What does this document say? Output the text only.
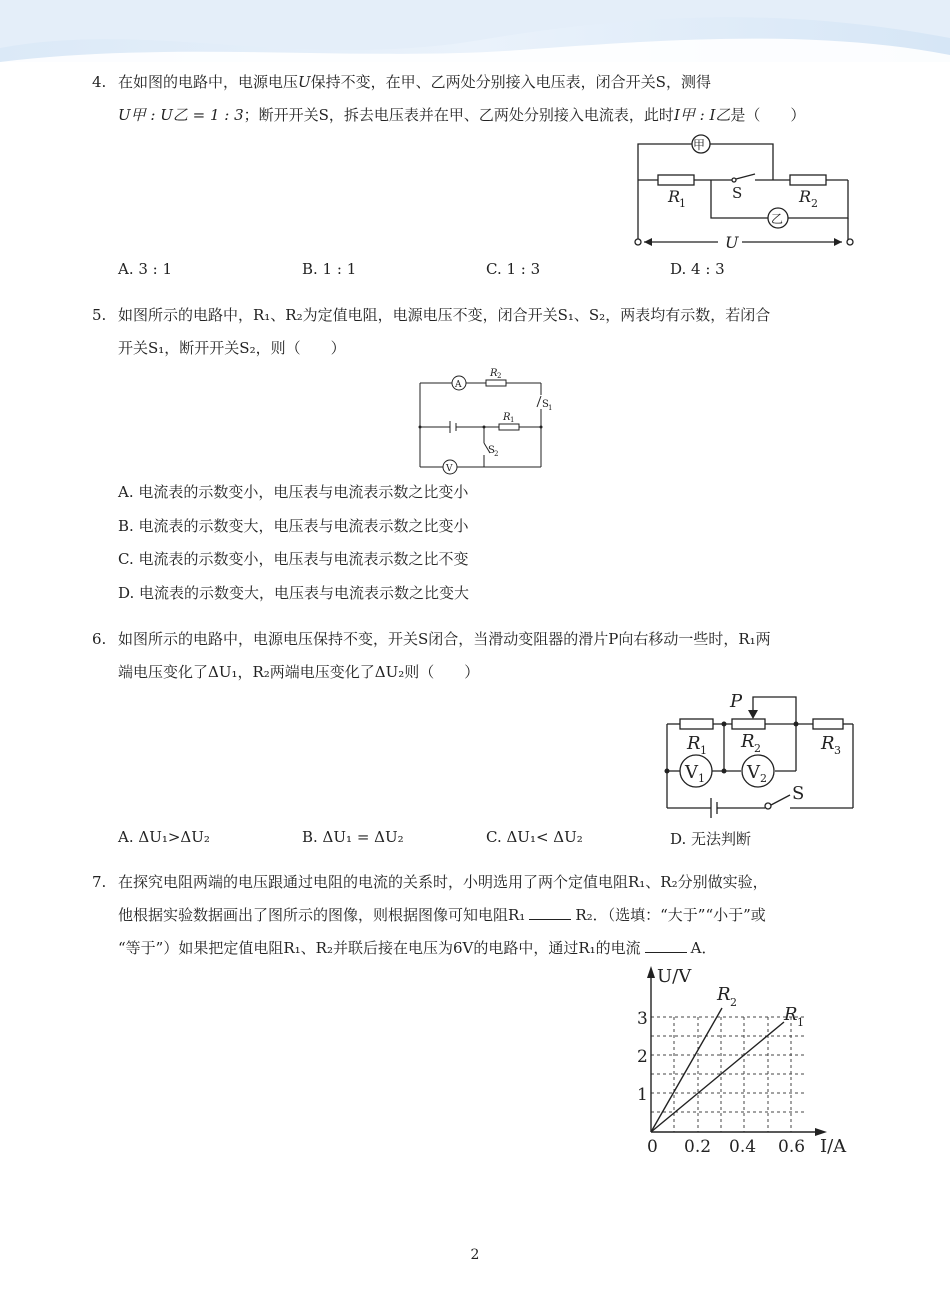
4. 在如图的电路中，电源电压U保持不变，在甲、乙两处分别接入电压表，闭合开关S，测得
U甲 : U乙 = 1 : 3；断开开关S，拆去电压表并在甲、乙两处分别接入电流表，此时I甲 : I乙是（　　）
甲
乙
R
1
S	R 2
U
A. 3 : 1	B. 1 : 1	C. 1 : 3	D. 4 : 3
5. 如图所示的电路中，R₁、R₂为定值电阻，电源电压不变，闭合开关S₁、S₂，两表均有示数，若闭合
开关S₁，断开开关S₂，则（　　）
A
V
R 2
R 1
S 1
S 2
A. 电流表的示数变小，电压表与电流表示数之比变小
B. 电流表的示数变大，电压表与电流表示数之比变小
C. 电流表的示数变小，电压表与电流表示数之比不变
D. 电流表的示数变大，电压表与电流表示数之比变大
6. 如图所示的电路中，电源电压保持不变，开关S闭合，当滑动变阻器的滑片P向右移动一些时，R₁两
端电压变化了ΔU₁，R₂两端电压变化了ΔU₂则（　　）
V 1 V 2
P
R 1 R 2	R 3
S
A. ΔU₁>ΔU₂	B. ΔU₁ = ΔU₂	C. ΔU₁< ΔU₂	D. 无法判断
7. 在探究电阻两端的电压跟通过电阻的电流的关系时，小明选用了两个定值电阻R₁、R₂分别做实验，
他根据实验数据画出了图所示的图像，则根据图像可知电阻R₁	R₂．（选填：“大于”“小于”或
“等于”）如果把定值电阻R₁、R₂并联后接在电压为6V的电路中，通过R₁的电流	A．
U/V
I/A
0 0.2 0.4 0.6
1
2
3
R 2
R 1
2
